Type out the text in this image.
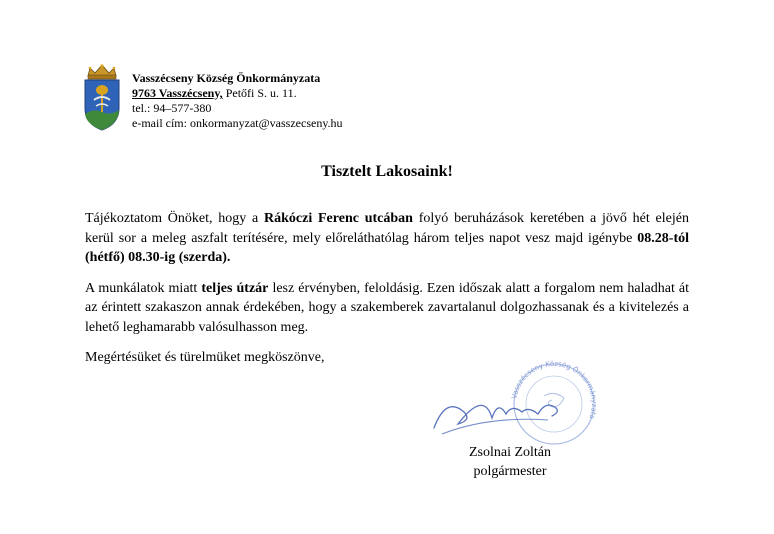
Vasszécseny Község Önkormányzata
9763 Vasszécseny, Petőfi S. u. 11.
tel.: 94–577-380
e-mail cím: onkormanyzat@vasszecseny.hu
Tisztelt Lakosaink!

Tájékoztatom Önöket, hogy a Rákóczi Ferenc utcában folyó beruházások keretében a jövő hét elején kerül sor a meleg aszfalt terítésére, mely előreláthatólag három teljes napot vesz majd igénybe 08.28-tól (hétfő) 08.30-ig (szerda).

A munkálatok miatt teljes útzár lesz érvényben, feloldásig. Ezen időszak alatt a forgalom nem haladhat át az érintett szakaszon annak érdekében, hogy a szakemberek zavartalanul dolgozhassanak és a kivitelezés a lehető leghamarabb valósulhasson meg.

Megértésüket és türelmüket megköszönve,

Vasszécseny Község Önkormányzata
Zsolnai Zoltán
polgármester
